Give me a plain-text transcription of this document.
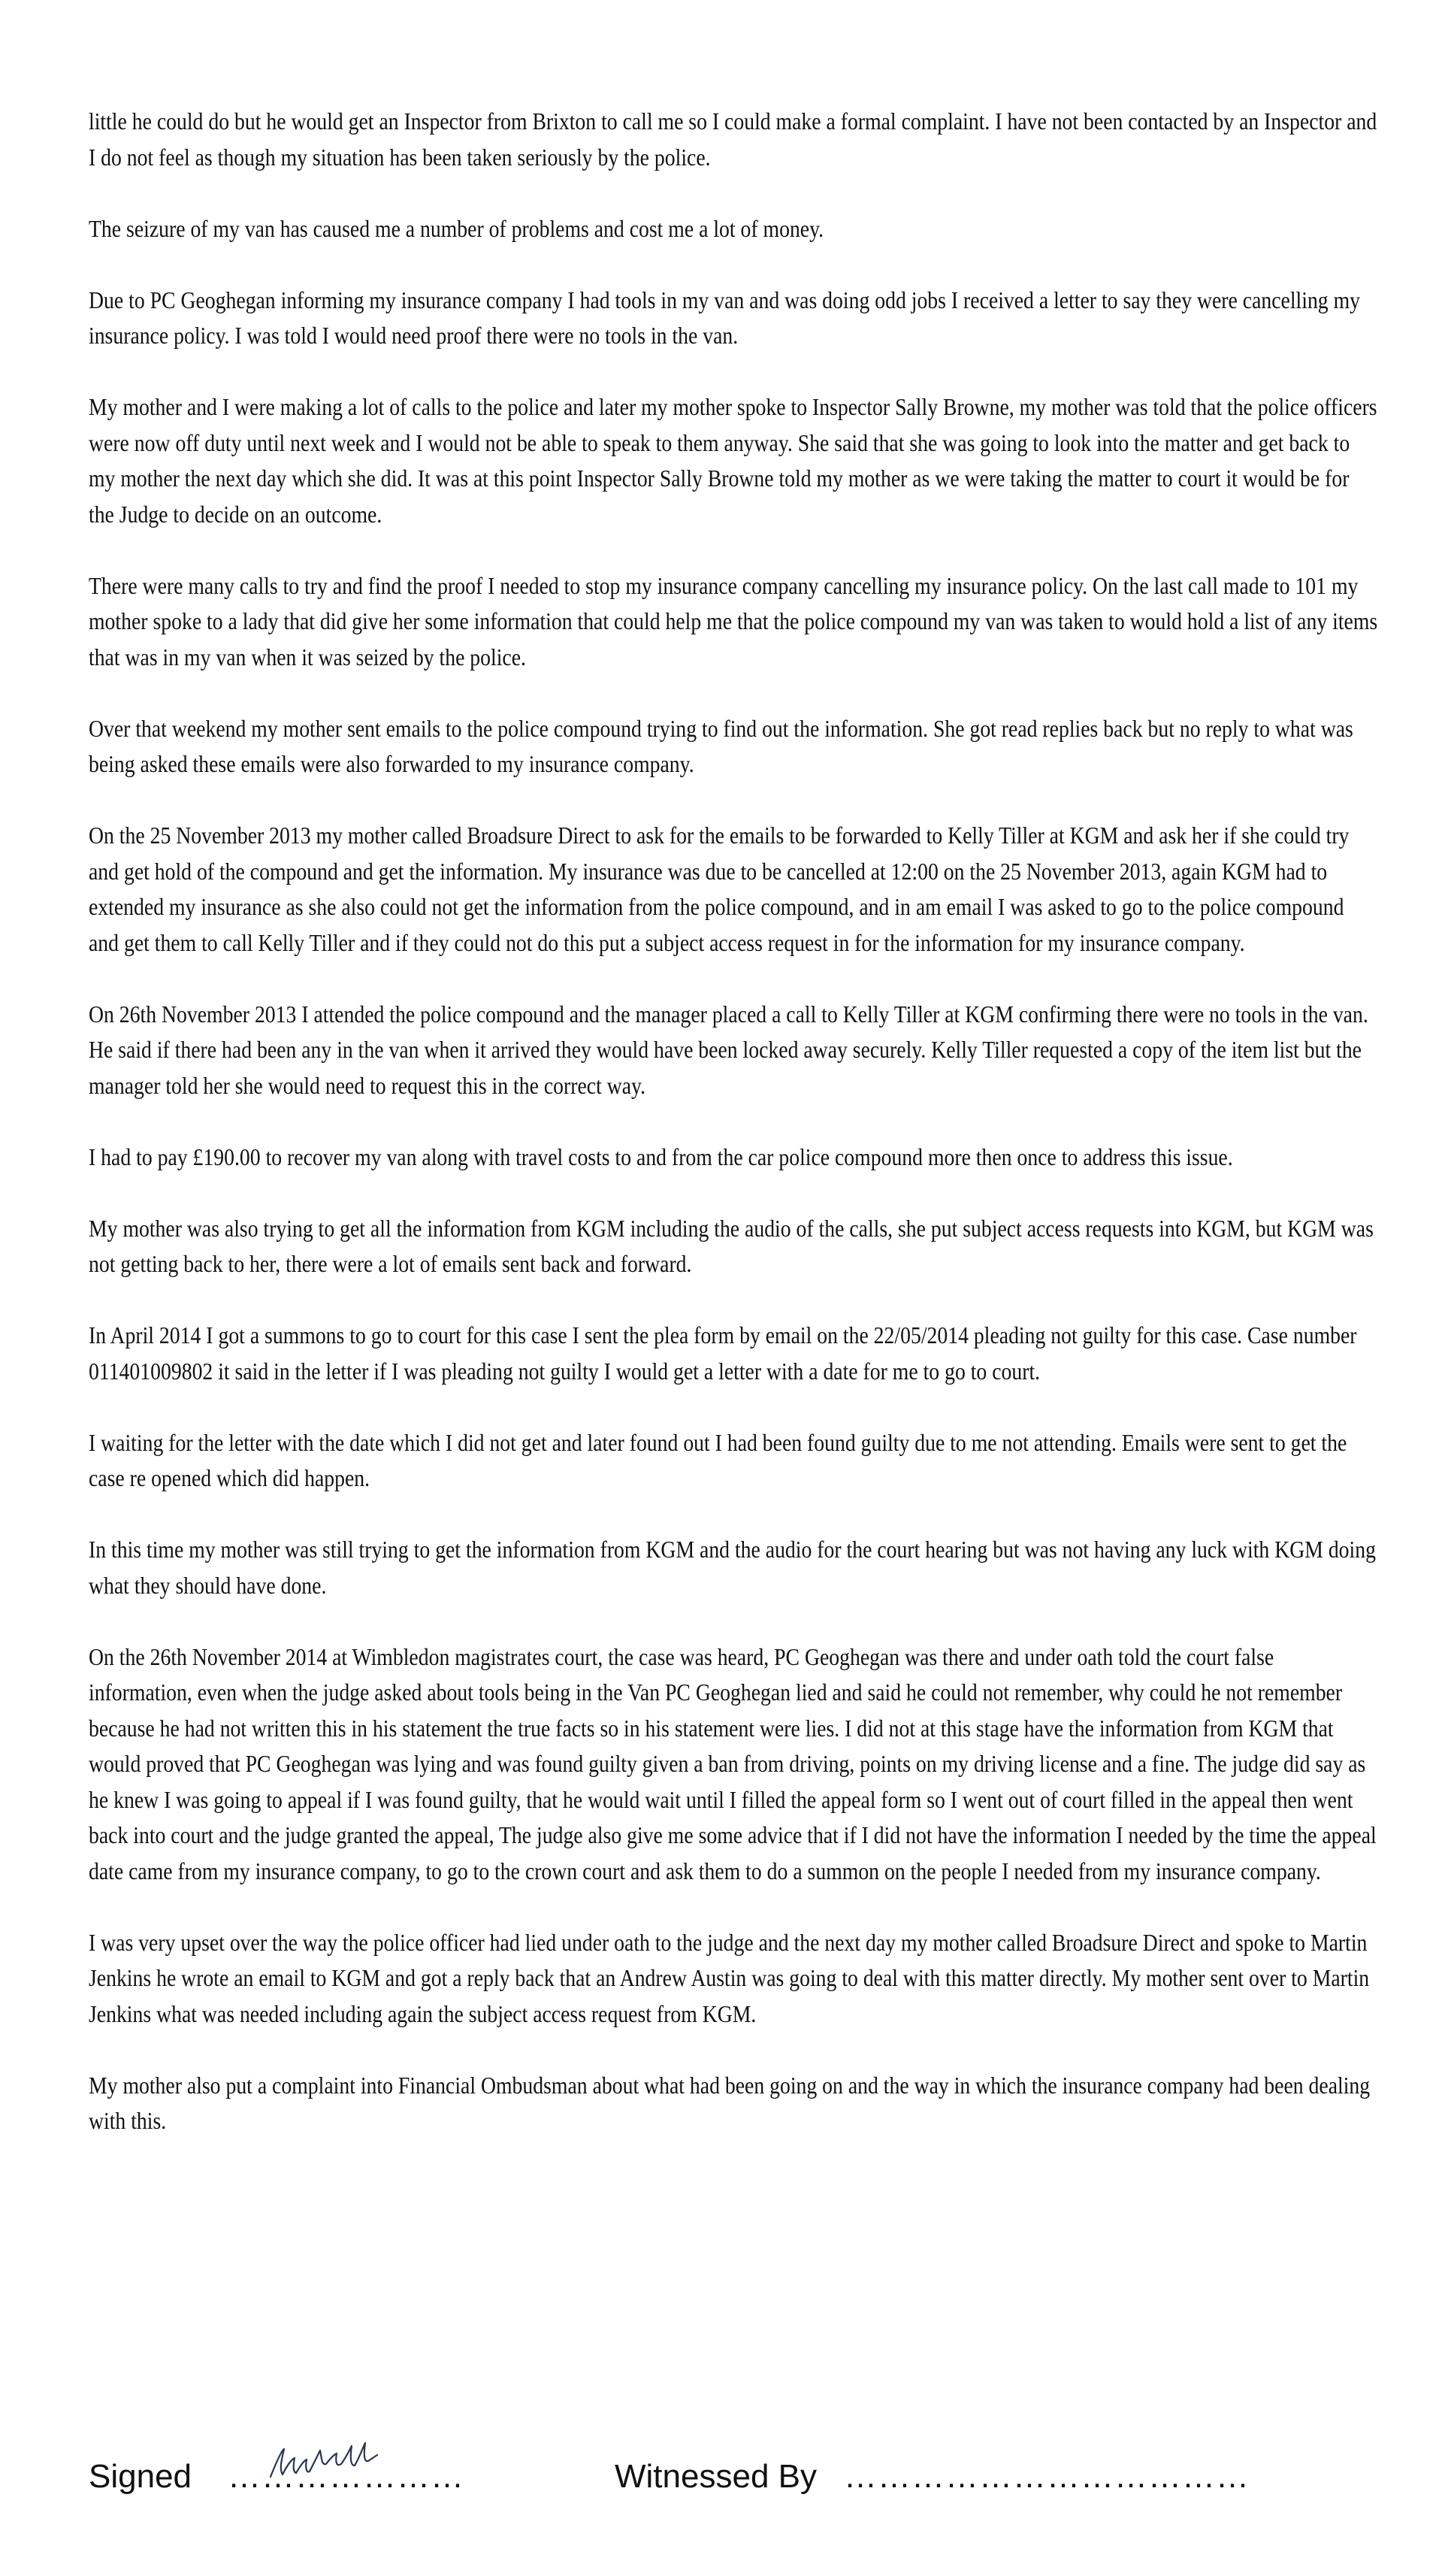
little he could do but he would get an Inspector from Brixton to call me so I could make a formal complaint. I have not been contacted by an Inspector and I do not feel as though my situation has been taken seriously by the police.

The seizure of my van has caused me a number of problems and cost me a lot of money.

Due to PC Geoghegan informing my insurance company I had tools in my van and was doing odd jobs I received a letter to say they were cancelling my insurance policy. I was told I would need proof there were no tools in the van.

My mother and I were making a lot of calls to the police and later my mother spoke to Inspector Sally Browne, my mother was told that the police officers were now off duty until next week and I would not be able to speak to them anyway. She said that she was going to look into the matter and get back to my mother the next day which she did. It was at this point Inspector Sally Browne told my mother as we were taking the matter to court it would be for the Judge to decide on an outcome.

There were many calls to try and find the proof I needed to stop my insurance company cancelling my insurance policy. On the last call made to 101 my mother spoke to a lady that did give her some information that could help me that the police compound my van was taken to would hold a list of any items that was in my van when it was seized by the police.

Over that weekend my mother sent emails to the police compound trying to find out the information. She got read replies back but no reply to what was being asked these emails were also forwarded to my insurance company.

On the 25 November 2013 my mother called Broadsure Direct to ask for the emails to be forwarded to Kelly Tiller at KGM and ask her if she could try and get hold of the compound and get the information. My insurance was due to be cancelled at 12:00 on the 25 November 2013, again KGM had to extended my insurance as she also could not get the information from the police compound, and in am email I was asked to go to the police compound and get them to call Kelly Tiller and if they could not do this put a subject access request in for the information for my insurance company.

On 26th November 2013 I attended the police compound and the manager placed a call to Kelly Tiller at KGM confirming there were no tools in the van. He said if there had been any in the van when it arrived they would have been locked away securely. Kelly Tiller requested a copy of the item list but the manager told her she would need to request this in the correct way.

I had to pay £190.00 to recover my van along with travel costs to and from the car police compound more then once to address this issue.

My mother was also trying to get all the information from KGM including the audio of the calls, she put subject access requests into KGM, but KGM was not getting back to her, there were a lot of emails sent back and forward.

In April 2014 I got a summons to go to court for this case I sent the plea form by email on the 22/05/2014 pleading not guilty for this case. Case number 011401009802 it said in the letter if I was pleading not guilty I would get a letter with a date for me to go to court.

I waiting for the letter with the date which I did not get and later found out I had been found guilty due to me not attending. Emails were sent to get the case re opened which did happen.

In this time my mother was still trying to get the information from KGM and the audio for the court hearing but was not having any luck with KGM doing what they should have done.

On the 26th November 2014 at Wimbledon magistrates court, the case was heard, PC Geoghegan was there and under oath told the court false information, even when the judge asked about tools being in the Van PC Geoghegan lied and said he could not remember, why could he not remember because he had not written this in his statement the true facts so in his statement were lies. I did not at this stage have the information from KGM that would proved that PC Geoghegan was lying and was found guilty given a ban from driving, points on my driving license and a fine. The judge did say as he knew I was going to appeal if I was found guilty, that he would wait until I filled the appeal form so I went out of court filled in the appeal then went back into court and the judge granted the appeal, The judge also give me some advice that if I did not have the information I needed by the time the appeal date came from my insurance company, to go to the crown court and ask them to do a summon on the people I needed from my insurance company.

I was very upset over the way the police officer had lied under oath to the judge and the next day my mother called Broadsure Direct and spoke to Martin Jenkins he wrote an email to KGM and got a reply back that an Andrew Austin was going to deal with this matter directly. My mother sent over to Martin Jenkins what was needed including again the subject access request from KGM.

My mother also put a complaint into Financial Ombudsman about what had been going on and the way in which the insurance company had been dealing with this.

Signed …………………	Witnessed By ………………………………
